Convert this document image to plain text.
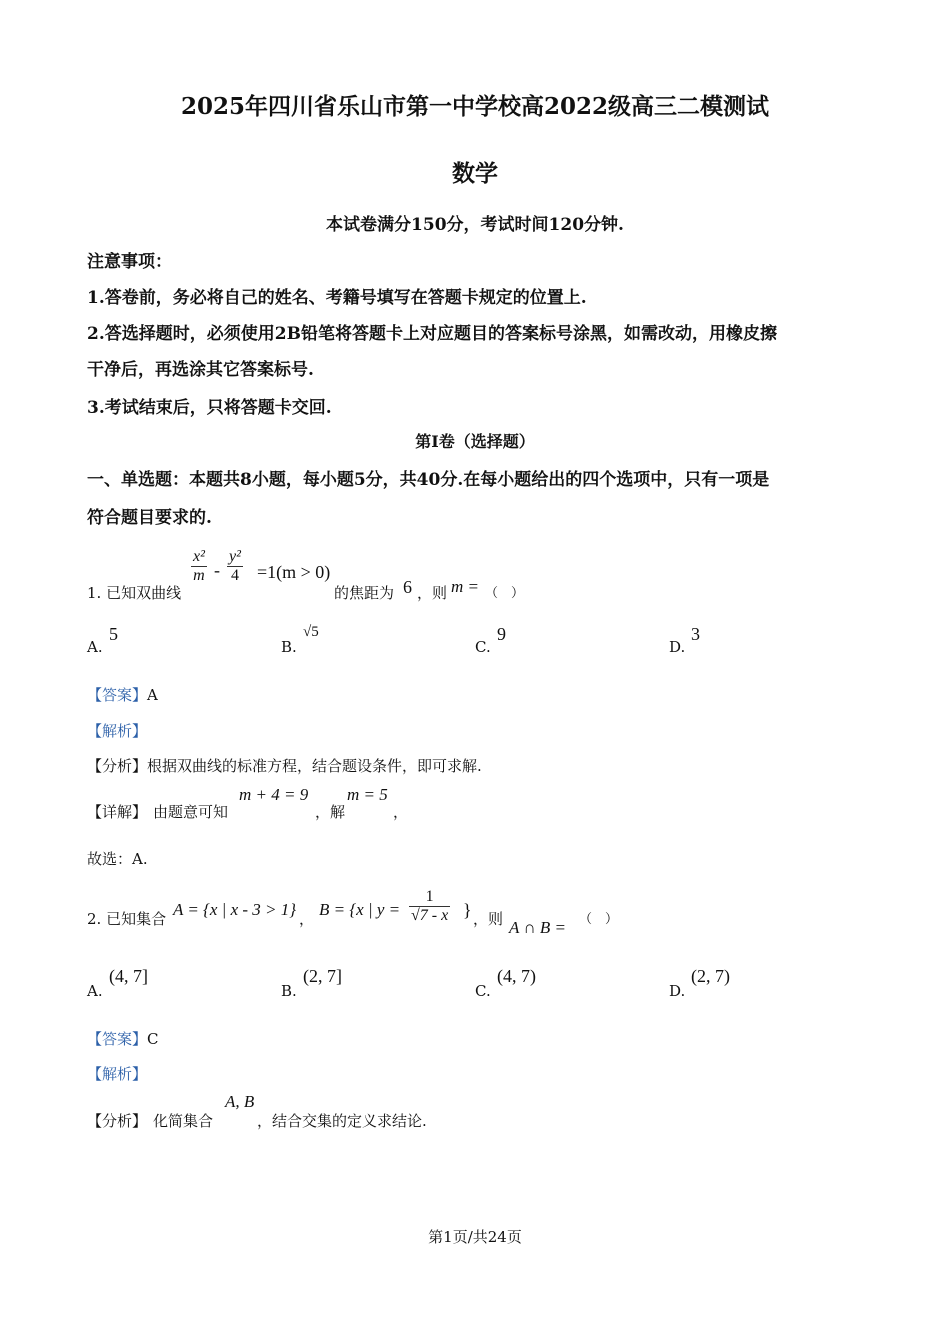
2025年四川省乐山市第一中学校高2022级高三二模测试
数学
本试卷满分150分，考试时间120分钟.
注意事项：
1.答卷前，务必将自己的姓名、考籍号填写在答题卡规定的位置上.
2.答选择题时，必须使用2B铅笔将答题卡上对应题目的答案标号涂黑，如需改动，用橡皮擦
干净后，再选涂其它答案标号.
3.考试结束后，只将答题卡交回.
第I卷（选择题）
一、单选题：本题共8小题，每小题5分，共40分.在每小题给出的四个选项中，只有一项是
符合题目要求的.
1. 已知双曲线
$\frac{\text{x²}}{m} - \frac{\text{y²}}{4} =1(m > 0)$
的焦距为 6 ，则 m = （　）
A.
5
B.
√5
C.
9
D.
3
【答案】A
【解析】
【分析】根据双曲线的标准方程，结合题设条件，即可求解.
【详解】 由题意可知
m + 4 = 9
，解
m = 5
，
故选：A.
2. 已知集合 A = {x | x - 3 > 1} ， B = {x | $y = \frac{1}{√7 - x}$ } ，则 A ∩ B = （　）
A.
(4, 7]
B.
(2, 7]
C.
(4, 7)
D.
(2, 7)
【答案】C
【解析】
【分析】 化简集合
A, B
，结合交集的定义求结论.
第1页/共24页
